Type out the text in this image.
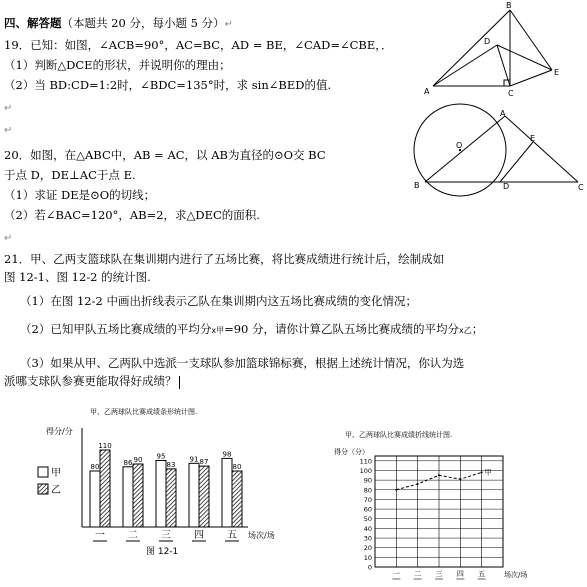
四、解答题（本题共 20 分，每小题 5 分）↵
19．已知：如图，∠ACB=90°，AC=BC，AD = BE，∠CAD=∠CBE，．
（1）判断△DCE的形状，并说明你的理由；
（2）当 BD:CD=1:2时，∠BDC=135°时，求 sin∠BED的值.
↵
↵
B
D
E
A	C
20．如图，在△ABC中，AB = AC，以 AB为直径的⊙O交 BC
于点 D，DE⊥AC于点 E.
（1）求证 DE是⊙O的切线；
（2）若∠BAC=120°，AB=2，求△DEC的面积.
↵
A
O
E
B	D	C
21．甲、乙两支篮球队在集训期内进行了五场比赛，将比赛成绩进行统计后，绘制成如
图 12-1、图 12-2 的统计图.
（1）在图 12-2 中画出折线表示乙队在集训期内这五场比赛成绩的变化情况；
（2）已知甲队五场比赛成绩的平均分x甲=90 分，请你计算乙队五场比赛成绩的平均分x乙；
（3）如果从甲、乙两队中选派一支球队参加篮球锦标赛，根据上述统计情况，你认为选
派哪支球队参赛更能取得好成绩？
甲、乙两球队比赛成绩条形统计图.
得分/分
场次/场
图 12-1
甲
乙
80
110
一
86 90
二
95
83
三
91 87
四
98
80
五
甲、乙两球队比赛成绩折线统计图.
得分（分）
场次/场
110
100
90
80
70
60
50
40
30
20
10
0
一 二 三 四 五
甲
